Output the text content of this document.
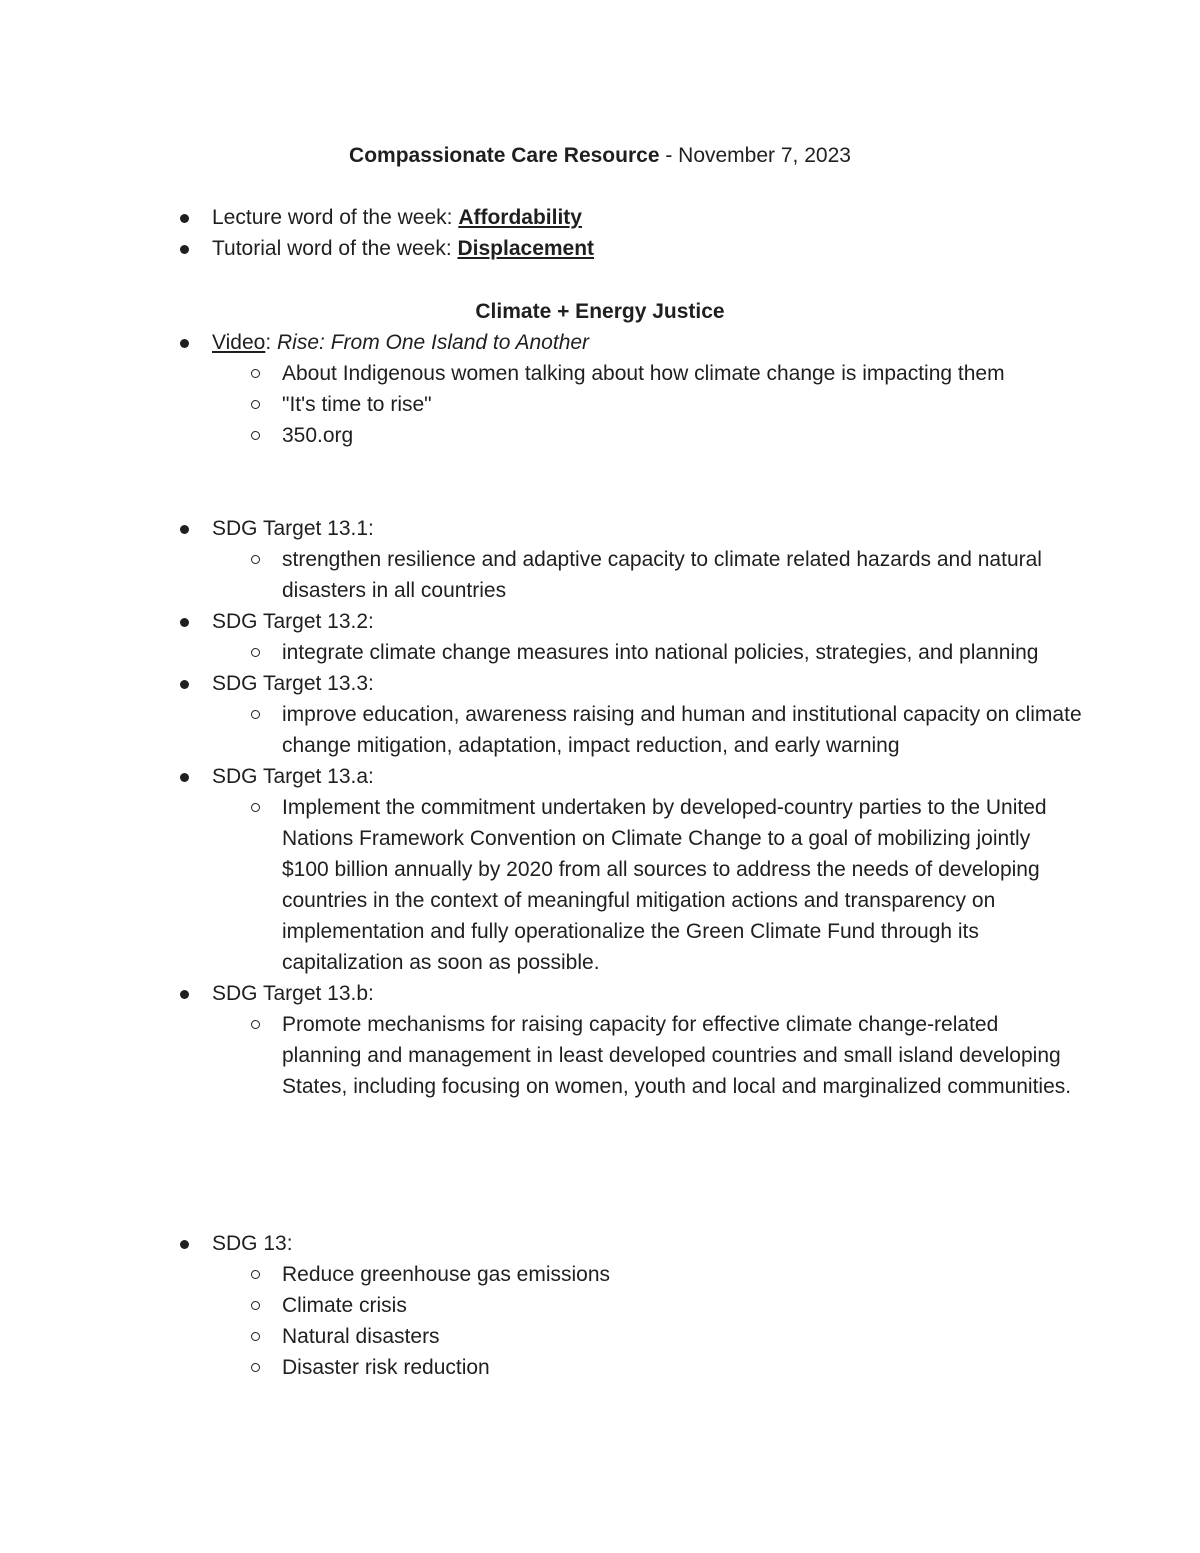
Compassionate Care Resource - November 7, 2023
Lecture word of the week: Affordability
Tutorial word of the week: Displacement
Climate + Energy Justice
Video: Rise: From One Island to Another
About Indigenous women talking about how climate change is impacting them
"It's time to rise"
350.org
SDG Target 13.1:
strengthen resilience and adaptive capacity to climate related hazards and natural disasters in all countries
SDG Target 13.2:
integrate climate change measures into national policies, strategies, and planning
SDG Target 13.3:
improve education, awareness raising and human and institutional capacity on climate change mitigation, adaptation, impact reduction, and early warning
SDG Target 13.a:
Implement the commitment undertaken by developed-country parties to the United Nations Framework Convention on Climate Change to a goal of mobilizing jointly $100 billion annually by 2020 from all sources to address the needs of developing countries in the context of meaningful mitigation actions and transparency on implementation and fully operationalize the Green Climate Fund through its capitalization as soon as possible.
SDG Target 13.b:
Promote mechanisms for raising capacity for effective climate change-related planning and management in least developed countries and small island developing States, including focusing on women, youth and local and marginalized communities.
SDG 13:
Reduce greenhouse gas emissions
Climate crisis
Natural disasters
Disaster risk reduction
